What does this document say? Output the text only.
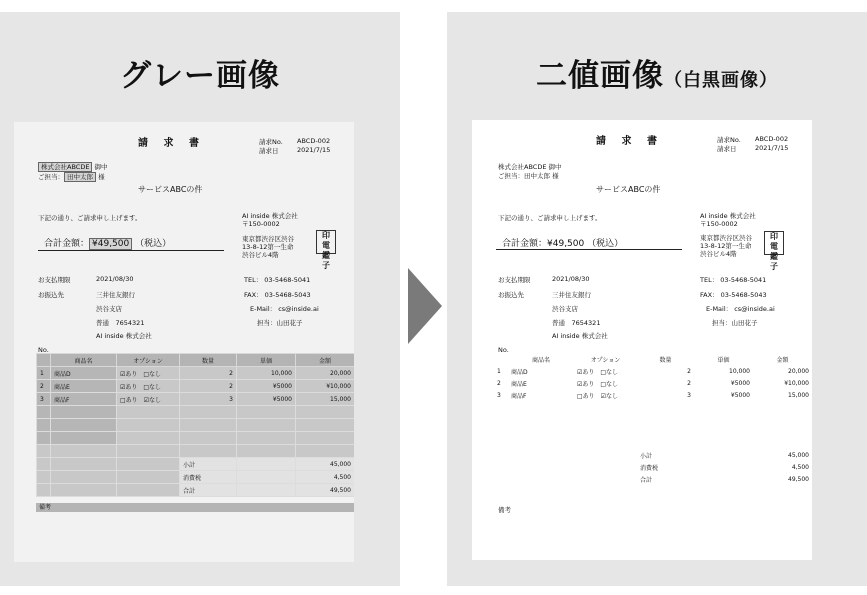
グレー画像	二値画像（白黒画像）
請 求 書	請求No. ABCD-002
請求日	2021/7/15
株式会社ABCDE 御中
ご担当： 田中太郎 様
サービスABCの件
下記の通り、ご請求申し上げます。
合計金額： ¥49,500 （税込）
AI inside 株式会社
〒150-0002
東京都渋谷区渋谷
13-8-12第一生命
渋谷ビル4階
印 電 鑑 子
お支払期限	2021/08/30
お振込先	三井住友銀行
渋谷支店
普通　7654321
AI inside 株式会社
TEL： 03-5468-5041
FAX： 03-5468-5043
E-Mail： cs@inside.ai
担当：山田花子
No.
	商品名	オプション	数量	単価	金額
1	商品D	☑あり　□なし	2	10,000	20,000
2	商品E	☑あり　□なし	2	¥5000	¥10,000
3	商品F	□あり　☑なし	3	¥5000	15,000

			小計		45,000
			消費税		4,500
			合計		49,500
備考
請 求 書	請求No. ABCD-002
請求日	2021/7/15
株式会社ABCDE 御中
ご担当：田中太郎 様
サービスABCの件
下記の通り、ご請求申し上げます。
合計金額：¥49,500 （税込）
AI inside 株式会社
〒150-0002
東京都渋谷区渋谷
13-8-12第一生命
渋谷ビル4階
印 電 鑑 子
お支払期限	2021/08/30
お振込先	三井住友銀行
渋谷支店
普通　7654321
AI inside 株式会社
TEL： 03-5468-5041
FAX： 03-5468-5043
E-Mail： cs@inside.ai
担当：山田花子
No.
	商品名	オプション	数量	単価	金額
1	商品D	☑あり　□なし	2	10,000	20,000
2	商品E	☑あり　□なし	2	¥5000	¥10,000
3	商品F	□あり　☑なし	3	¥5000	15,000

			小計		45,000
			消費税		4,500
			合計		49,500
備考
